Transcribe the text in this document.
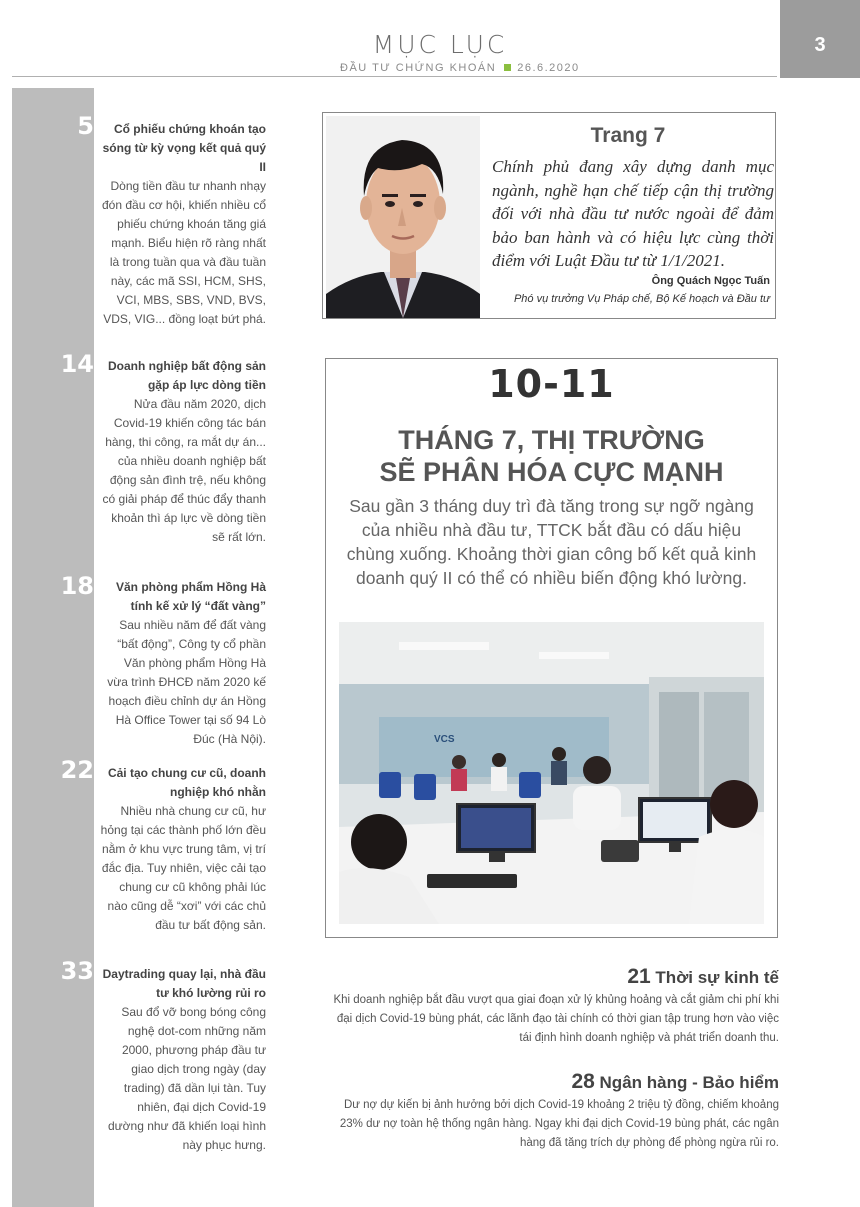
MỤC LỤC
ĐẦU TƯ CHỨNG KHOÁN 26.6.2020
3
5	Cổ phiếu chứng khoán tạo sóng từ kỳ vọng kết quả quý II
Dòng tiền đầu tư nhanh nhạy đón đầu cơ hội, khiến nhiều cổ phiếu chứng khoán tăng giá mạnh. Biểu hiện rõ ràng nhất là trong tuần qua và đầu tuần này, các mã SSI, HCM, SHS, VCI, MBS, SBS, VND, BVS, VDS, VIG... đồng loạt bứt phá.
14	Doanh nghiệp bất động sản gặp áp lực dòng tiền
Nửa đầu năm 2020, dịch Covid-19 khiến công tác bán hàng, thi công, ra mắt dự án... của nhiều doanh nghiệp bất động sản đình trệ, nếu không có giải pháp để thúc đẩy thanh khoản thì áp lực về dòng tiền sẽ rất lớn.
18	Văn phòng phẩm Hồng Hà tính kế xử lý “đất vàng”
Sau nhiều năm để đất vàng “bất động”, Công ty cổ phần Văn phòng phẩm Hồng Hà vừa trình ĐHCĐ năm 2020 kế hoạch điều chỉnh dự án Hồng Hà Office Tower tại số 94 Lò Đúc (Hà Nội).
22	Cải tạo chung cư cũ, doanh nghiệp khó nhằn
Nhiều nhà chung cư cũ, hư hỏng tại các thành phố lớn đều nằm ở khu vực trung tâm, vị trí đắc địa. Tuy nhiên, việc cải tạo chung cư cũ không phải lúc nào cũng dễ “xơi” với các chủ đầu tư bất động sản.
33 Daytrading quay lại, nhà đầu tư khó lường rủi ro
Sau đổ vỡ bong bóng công nghệ dot-com những năm 2000, phương pháp đầu tư giao dịch trong ngày (day trading) đã dần lụi tàn. Tuy nhiên, đại dịch Covid-19 dường như đã khiến loại hình này phục hưng.
Trang 7
Chính phủ đang xây dựng danh mục ngành, nghề hạn chế tiếp cận thị trường đối với nhà đầu tư nước ngoài để đảm bảo ban hành và có hiệu lực cùng thời điểm với Luật Đầu tư từ 1/1/2021.
Ông Quách Ngọc Tuấn
Phó vụ trưởng Vụ Pháp chế, Bộ Kế hoạch và Đầu tư
10-11
THÁNG 7, THỊ TRƯỜNG
SẼ PHÂN HÓA CỰC MẠNH
Sau gần 3 tháng duy trì đà tăng trong sự ngỡ ngàng của nhiều nhà đầu tư, TTCK bắt đầu có dấu hiệu chùng xuống. Khoảng thời gian công bố kết quả kinh doanh quý II có thể có nhiều biến động khó lường.
VCS
21 Thời sự kinh tế
Khi doanh nghiệp bắt đầu vượt qua giai đoạn xử lý khủng hoảng và cắt giảm chi phí khi đại dịch Covid-19 bùng phát, các lãnh đạo tài chính có thời gian tập trung hơn vào việc tái định hình doanh nghiệp và phát triển doanh thu.
28 Ngân hàng - Bảo hiểm
Dư nợ dự kiến bị ảnh hưởng bởi dịch Covid-19 khoảng 2 triệu tỷ đồng, chiếm khoảng 23% dư nợ toàn hệ thống ngân hàng. Ngay khi đại dịch Covid-19 bùng phát, các ngân hàng đã tăng trích dự phòng để phòng ngừa rủi ro.
